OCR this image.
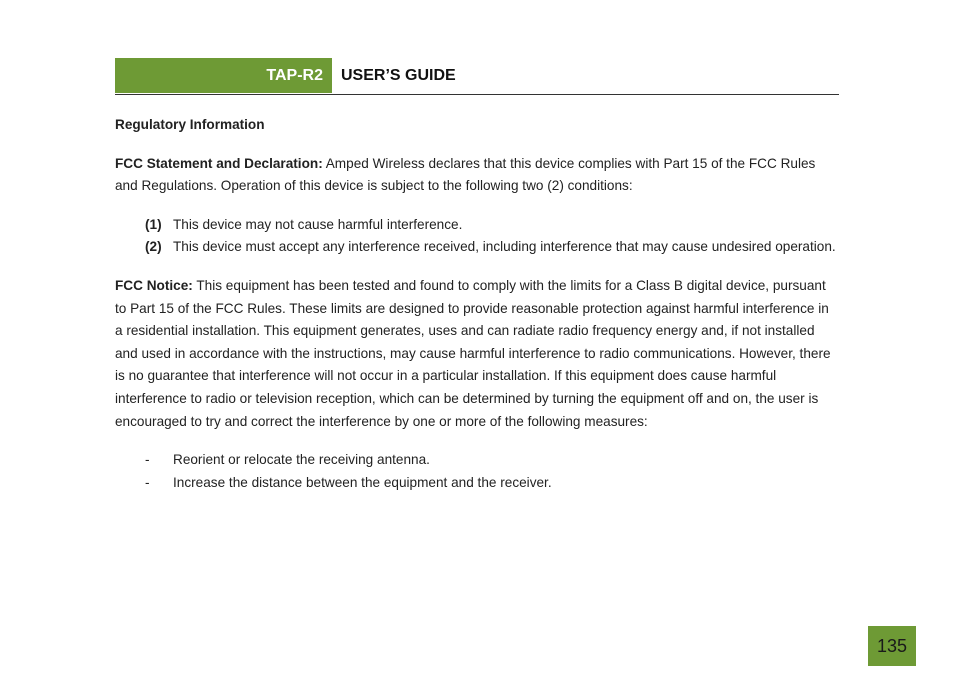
TAP-R2 USER’S GUIDE
Regulatory Information

FCC Statement and Declaration: Amped Wireless declares that this device complies with Part 15 of the FCC Rules and Regulations. Operation of this device is subject to the following two (2) conditions:

(1) This device may not cause harmful interference.
(2) This device must accept any interference received, including interference that may cause undesired operation.

FCC Notice: This equipment has been tested and found to comply with the limits for a Class B digital device, pursuant to Part 15 of the FCC Rules. These limits are designed to provide reasonable protection against harmful interference in a residential installation. This equipment generates, uses and can radiate radio frequency energy and, if not installed and used in accordance with the instructions, may cause harmful interference to radio communications. However, there is no guarantee that interference will not occur in a particular installation. If this equipment does cause harmful interference to radio or television reception, which can be determined by turning the equipment off and on, the user is encouraged to try and correct the interference by one or more of the following measures:

- Reorient or relocate the receiving antenna.
- Increase the distance between the equipment and the receiver.
135
